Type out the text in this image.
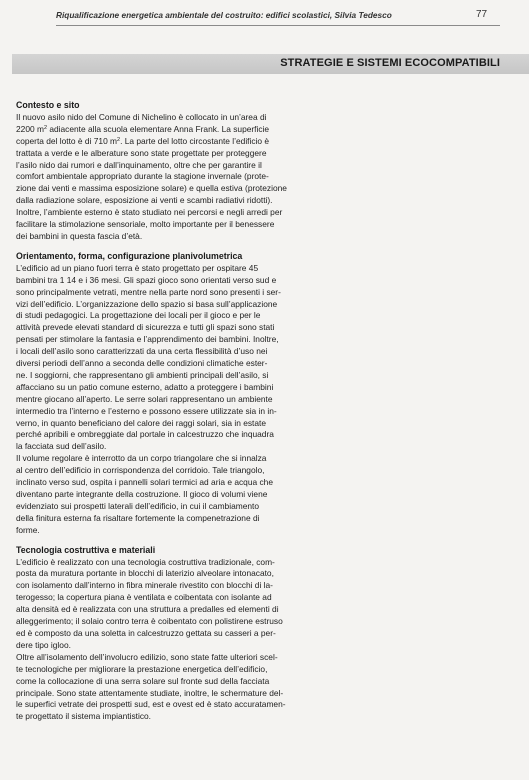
Riqualificazione energetica ambientale del costruito: edifici scolastici, Silvia Tedesco	77
STRATEGIE E SISTEMI ECOCOMPATIBILI
Contesto e sito
Il nuovo asilo nido del Comune di Nichelino è collocato in un’area di
2200 $m^2$ adiacente alla scuola elementare Anna Frank. La superficie
coperta del lotto è di 710 $m^2$. La parte del lotto circostante l’edificio è
trattata a verde e le alberature sono state progettate per proteggere
l’asilo nido dai rumori e dall’inquinamento, oltre che per garantire il
comfort ambientale appropriato durante la stagione invernale (prote-
zione dai venti e massima esposizione solare) e quella estiva (protezione
dalla radiazione solare, esposizione ai venti e scambi radiativi ridotti).
Inoltre, l’ambiente esterno è stato studiato nei percorsi e negli arredi per
facilitare la stimolazione sensoriale, molto importante per il benessere
dei bambini in questa fascia d’età.
Orientamento, forma, configurazione planivolumetrica
L’edificio ad un piano fuori terra è stato progettato per ospitare 45
bambini tra 1 14 e i 36 mesi. Gli spazi gioco sono orientati verso sud e
sono principalmente vetrati, mentre nella parte nord sono presenti i ser-
vizi dell’edificio. L’organizzazione dello spazio si basa sull’applicazione
di studi pedagogici. La progettazione dei locali per il gioco e per le
attività prevede elevati standard di sicurezza e tutti gli spazi sono stati
pensati per stimolare la fantasia e l’apprendimento dei bambini. Inoltre,
i locali dell’asilo sono caratterizzati da una certa flessibilità d’uso nei
diversi periodi dell’anno a seconda delle condizioni climatiche ester-
ne. I soggiorni, che rappresentano gli ambienti principali dell’asilo, si
affacciano su un patio comune esterno, adatto a proteggere i bambini
mentre giocano all’aperto. Le serre solari rappresentano un ambiente
intermedio tra l’interno e l’esterno e possono essere utilizzate sia in in-
verno, in quanto beneficiano del calore dei raggi solari, sia in estate
perché apribili e ombreggiate dal portale in calcestruzzo che inquadra
la facciata sud dell’asilo.
Il volume regolare è interrotto da un corpo triangolare che si innalza
al centro dell’edificio in corrispondenza del corridoio. Tale triangolo,
inclinato verso sud, ospita i pannelli solari termici ad aria e acqua che
diventano parte integrante della costruzione. Il gioco di volumi viene
evidenziato sui prospetti laterali dell’edificio, in cui il cambiamento
della finitura esterna fa risaltare fortemente la compenetrazione di
forme.
Tecnologia costruttiva e materiali
L’edificio è realizzato con una tecnologia costruttiva tradizionale, com-
posta da muratura portante in blocchi di laterizio alveolare intonacato,
con isolamento dall’interno in fibra minerale rivestito con blocchi di la-
terogesso; la copertura piana è ventilata e coibentata con isolante ad
alta densità ed è realizzata con una struttura a predalles ed elementi di
alleggerimento; il solaio contro terra è coibentato con polistirene estruso
ed è composto da una soletta in calcestruzzo gettata su casseri a per-
dere tipo igloo.
Oltre all’isolamento dell’involucro edilizio, sono state fatte ulteriori scel-
te tecnologiche per migliorare la prestazione energetica dell’edificio,
come la collocazione di una serra solare sul fronte sud della facciata
principale. Sono state attentamente studiate, inoltre, le schermature del-
le superfici vetrate dei prospetti sud, est e ovest ed è stato accuratamen-
te progettato il sistema impiantistico.
